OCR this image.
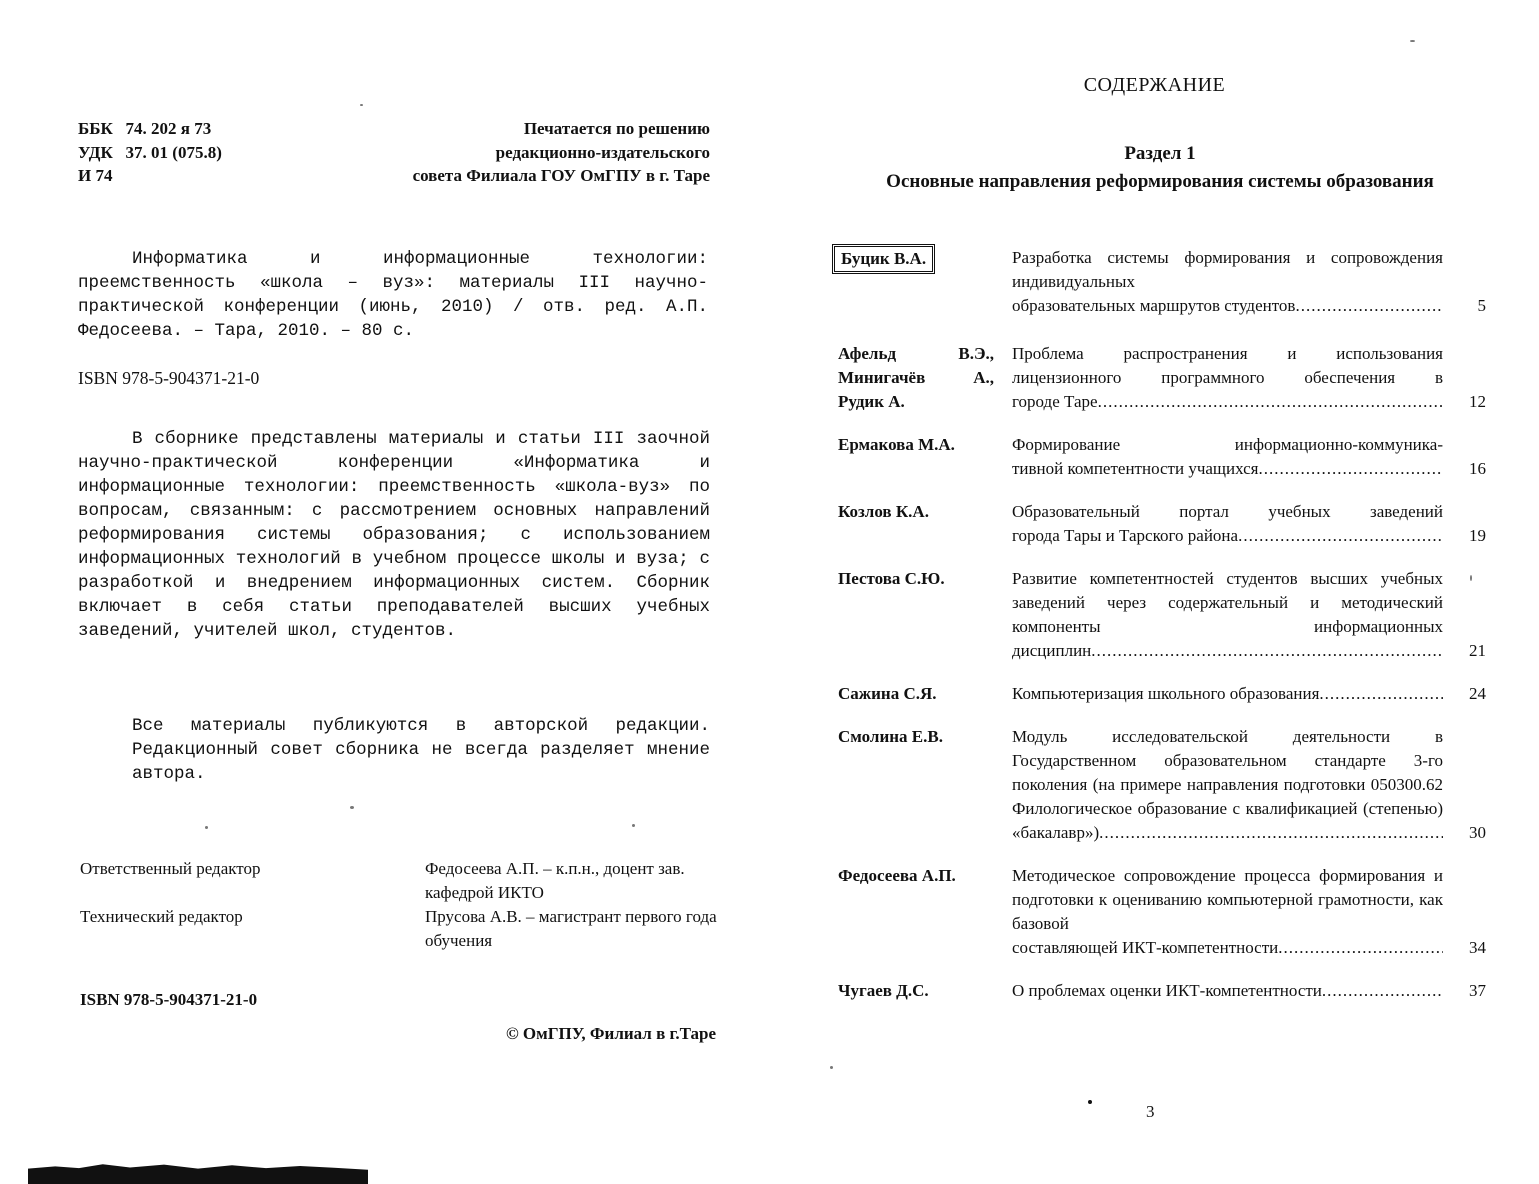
ББК   74. 202 я 73
УДК   37. 01 (075.8)
И 74
Печатается по решению
редакционно-издательского
совета Филиала ГОУ ОмГПУ в г. Таре
Информатика и информационные технологии: преемственность «школа – вуз»: материалы III научно-практической конференции (июнь, 2010) / отв. ред. А.П. Федосеева. – Тара, 2010. – 80 с.
ISBN 978-5-904371-21-0
В сборнике представлены материалы и статьи III заочной научно-практической конференции «Информатика и информационные технологии: преемственность «школа-вуз» по вопросам, связанным: с рассмотрением основных направлений реформирования системы образования; с использованием информационных технологий в учебном процессе школы и вуза; с разработкой и внедрением информационных систем. Сборник включает в себя статьи преподавателей высших учебных заведений, учителей школ, студентов.
Все материалы публикуются в авторской редакции. Редакционный совет сборника не всегда разделяет мнение автора.
Ответственный редактор	Федосеева А.П. – к.п.н., доцент зав. кафедрой ИКТО
Технический редактор	Прусова А.В. – магистрант первого года обучения
ISBN 978-5-904371-21-0
© ОмГПУ, Филиал в г.Таре
СОДЕРЖАНИЕ
Раздел 1
Основные направления реформирования системы образования
Буцик В.А.	Разработка системы формирования и сопровождения индивидуальных
образовательных маршрутов студентов .....	5
Афельд В.Э., Минигачёв А., Рудик А.
Проблема распространения и использования лицензионного программного обеспечения в
городе Таре .....	12
Ермакова М.А.	Формирование информационно-коммуника-
тивной компетентности учащихся .....	16
Козлов К.А.	Образовательный портал учебных заведений
города Тары и Тарского района .....	19
Пестова С.Ю.	Развитие компетентностей студентов высших учебных заведений через содержательный и методический компоненты информационных
дисциплин .....	21
Сажина С.Я.	Компьютеризация школьного образования .....	24
Смолина Е.В.	Модуль исследовательской деятельности в Государственном образовательном стандарте 3-го поколения (на примере направления подготовки 050300.62 Филологическое образование с квалификацией (степенью)
«бакалавр») .....	30
Федосеева А.П.	Методическое сопровождение процесса формирования и подготовки к оцениванию компьютерной грамотности, как базовой
составляющей ИКТ-компетентности .....	34
Чугаев Д.С.	О проблемах оценки ИКТ-компетентности .....	37
3
